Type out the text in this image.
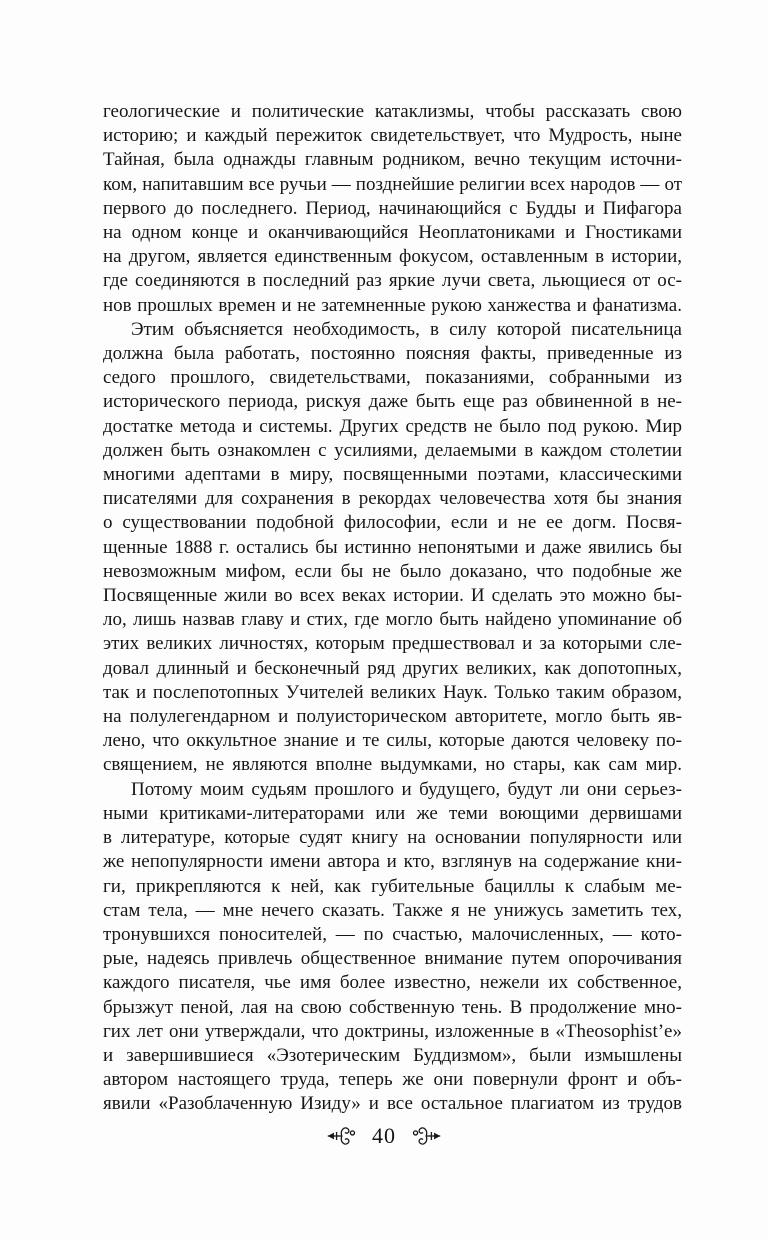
геологические и политические катаклизмы, чтобы рассказать свою
историю; и каждый пережиток свидетельствует, что Мудрость, ныне
Тайная, была однажды главным родником, вечно текущим источни-
ком, напитавшим все ручьи — позднейшие религии всех народов — от
первого до последнего. Период, начинающийся с Будды и Пифагора
на одном конце и оканчивающийся Неоплатониками и Гностиками
на другом, является единственным фокусом, оставленным в истории,
где соединяются в последний раз яркие лучи света, льющиеся от ос-
нов прошлых времен и не затемненные рукою ханжества и фанатизма.
Этим объясняется необходимость, в силу которой писательница
должна была работать, постоянно поясняя факты, приведенные из
седого прошлого, свидетельствами, показаниями, собранными из
исторического периода, рискуя даже быть еще раз обвиненной в не-
достатке метода и системы. Других средств не было под рукою. Мир
должен быть ознакомлен с усилиями, делаемыми в каждом столетии
многими адептами в миру, посвященными поэтами, классическими
писателями для сохранения в рекордах человечества хотя бы знания
о существовании подобной философии, если и не ее догм. Посвя-
щенные 1888 г. остались бы истинно непонятыми и даже явились бы
невозможным мифом, если бы не было доказано, что подобные же
Посвященные жили во всех веках истории. И сделать это можно бы-
ло, лишь назвав главу и стих, где могло быть найдено упоминание об
этих великих личностях, которым предшествовал и за которыми сле-
довал длинный и бесконечный ряд других великих, как допотопных,
так и послепотопных Учителей великих Наук. Только таким образом,
на полулегендарном и полуисторическом авторитете, могло быть яв-
лено, что оккультное знание и те силы, которые даются человеку по-
священием, не являются вполне выдумками, но стары, как сам мир.
Потому моим судьям прошлого и будущего, будут ли они серьез-
ными критиками-литераторами или же теми воющими дервишами
в литературе, которые судят книгу на основании популярности или
же непопулярности имени автора и кто, взглянув на содержание кни-
ги, прикрепляются к ней, как губительные бациллы к слабым ме-
стам тела, — мне нечего сказать. Также я не унижусь заметить тех,
тронувшихся поносителей, — по счастью, малочисленных, — кото-
рые, надеясь привлечь общественное внимание путем опорочивания
каждого писателя, чье имя более известно, нежели их собственное,
брызжут пеной, лая на свою собственную тень. В продолжение мно-
гих лет они утверждали, что доктрины, изложенные в «Theosophist’е»
и завершившиеся «Эзотерическим Буддизмом», были измышлены
автором настоящего труда, теперь же они повернули фронт и объ-
явили «Разоблаченную Изиду» и все остальное плагиатом из трудов
40
